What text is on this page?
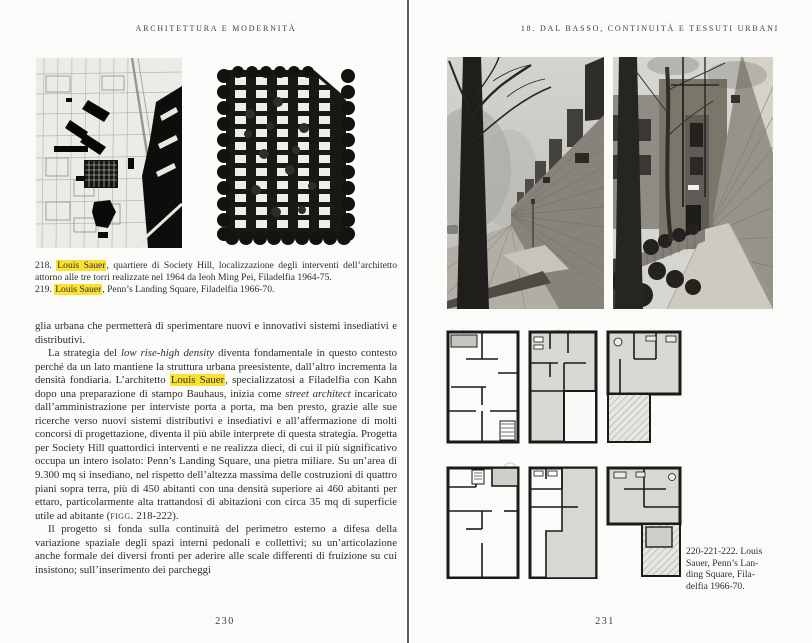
ARCHITETTURA E MODERNITÀ

218. Louis Sauer, quartiere di Society Hill, localizzazione degli interventi dell’architetto attorno alle tre torri realizzate nel 1964 da Ieoh Ming Pei, Filadelfia 1964-75.

219. Louis Sauer, Penn’s Landing Square, Filadelfia 1966-70.

glia urbana che permetterà di sperimentare nuovi e innovativi sistemi insediativi e distributivi.

La strategia del low rise-high density diventa fondamentale in questo contesto perché da un lato mantiene la struttura urbana preesistente, dall’altro incrementa la densità fondiaria. L’architetto Louis Sauer, specializzatosi a Filadelfia con Kahn dopo una preparazione di stampo Bauhaus, inizia come street architect incaricato dall’amministrazione per interviste porta a porta, ma ben presto, grazie alle sue ricerche verso nuovi sistemi distributivi e insediativi e all’affermazione di molti concorsi di progettazione, diventa il più abile interprete di questa strategia. Progetta per Society Hill quattordici interventi e ne realizza dieci, di cui il più significativo occupa un intero isolato: Penn’s Landing Square, una pietra miliare. Su un’area di 9.300 mq si insediano, nel rispetto dell’altezza massima delle costruzioni di quattro piani sopra terra, più di 450 abitanti con una densità superiore ai 460 abitanti per ettaro, particolarmente alta trattandosi di abitazioni con circa 35 mq di superficie utile ad abitante (figg. 218-222).

Il progetto si fonda sulla continuità del perimetro esterno a difesa della variazione spaziale degli spazi interni pedonali e collettivi; su un’articolazione anche formale dei diversi fronti per aderire alle scale differenti di fruizione su cui insistono; sull’inserimento dei parcheggi

230
18. DAL BASSO, CONTINUITÀ E TESSUTI URBANI
220-221-222. Louis
Sauer, Penn’s Lan-
ding Square, Fila-
delfia 1966-70.
231
